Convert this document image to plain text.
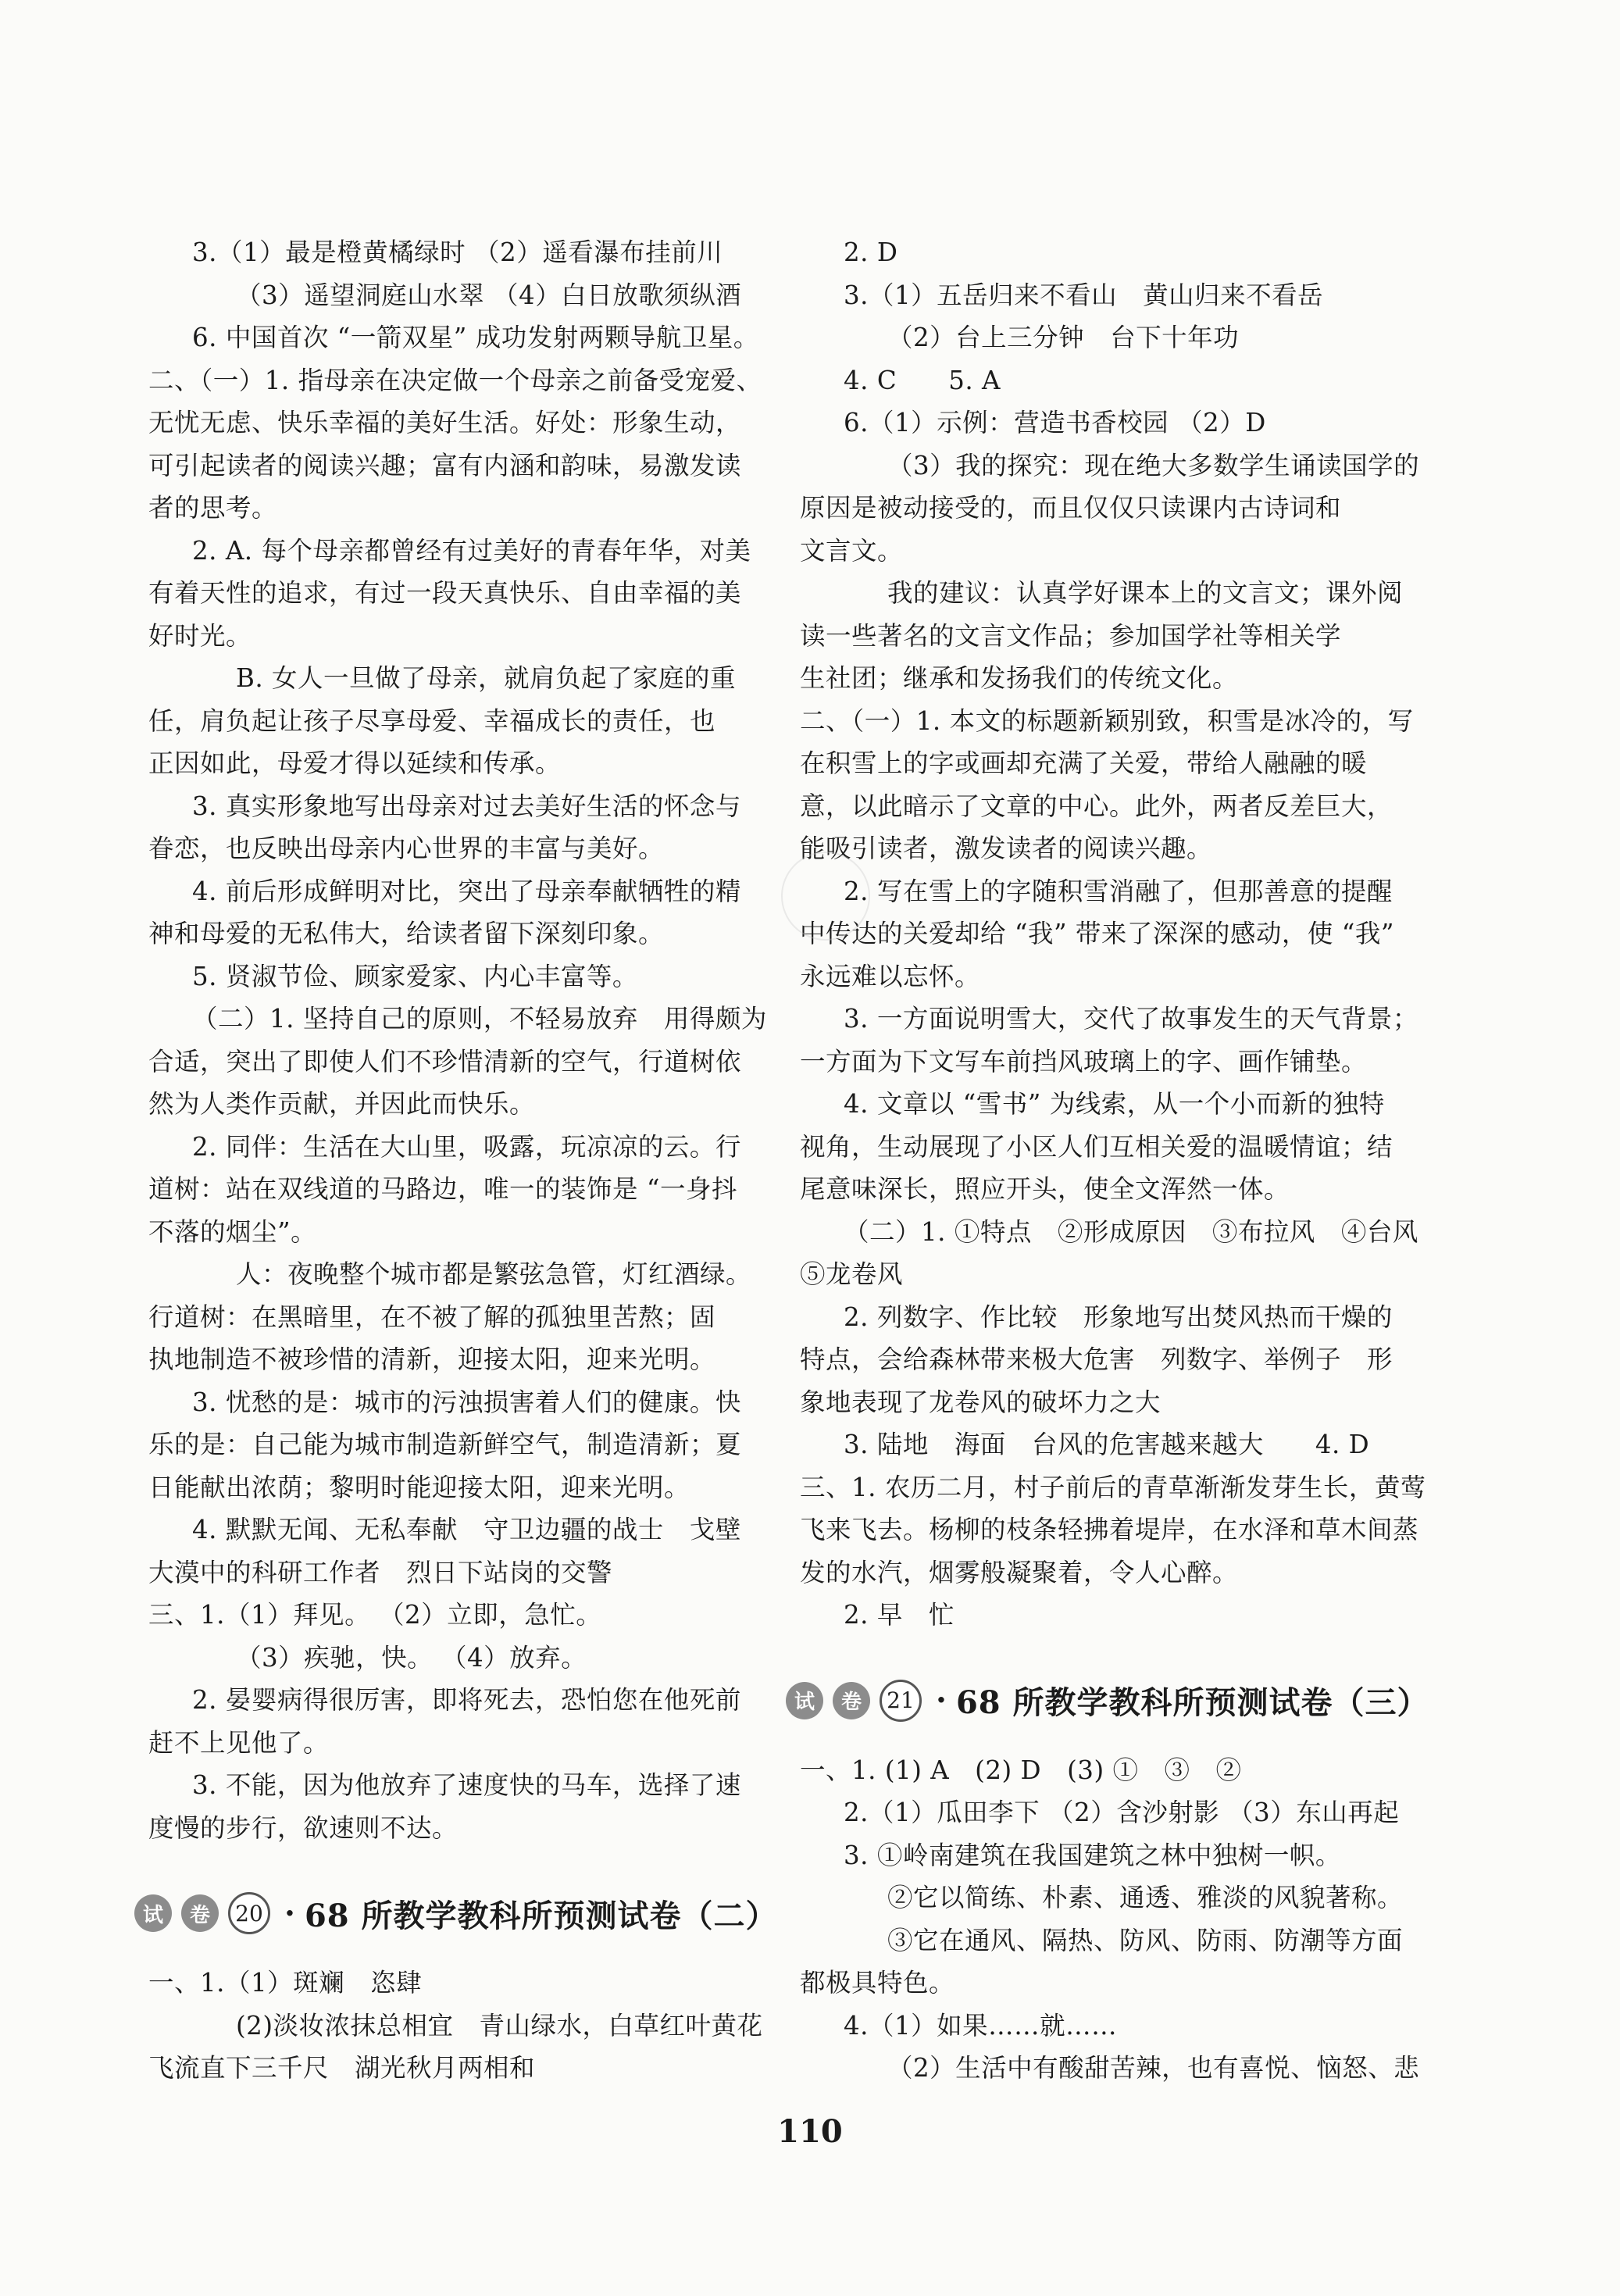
3.（1）最是橙黄橘绿时 （2）遥看瀑布挂前川
（3）遥望洞庭山水翠 （4）白日放歌须纵酒
6. 中国首次 “一箭双星” 成功发射两颗导航卫星。
二、（一）1. 指母亲在决定做一个母亲之前备受宠爱、
无忧无虑、快乐幸福的美好生活。好处：形象生动，
可引起读者的阅读兴趣；富有内涵和韵味，易激发读
者的思考。
2. A. 每个母亲都曾经有过美好的青春年华，对美
有着天性的追求，有过一段天真快乐、自由幸福的美
好时光。
B. 女人一旦做了母亲，就肩负起了家庭的重
任，肩负起让孩子尽享母爱、幸福成长的责任，也
正因如此，母爱才得以延续和传承。
3. 真实形象地写出母亲对过去美好生活的怀念与
眷恋，也反映出母亲内心世界的丰富与美好。
4. 前后形成鲜明对比，突出了母亲奉献牺牲的精
神和母爱的无私伟大，给读者留下深刻印象。
5. 贤淑节俭、顾家爱家、内心丰富等。
（二）1. 坚持自己的原则，不轻易放弃　用得颇为
合适，突出了即使人们不珍惜清新的空气，行道树依
然为人类作贡献，并因此而快乐。
2. 同伴：生活在大山里，吸露，玩凉凉的云。行
道树：站在双线道的马路边，唯一的装饰是 “一身抖
不落的烟尘”。
人：夜晚整个城市都是繁弦急管，灯红酒绿。
行道树：在黑暗里，在不被了解的孤独里苦熬；固
执地制造不被珍惜的清新，迎接太阳，迎来光明。
3. 忧愁的是：城市的污浊损害着人们的健康。快
乐的是：自己能为城市制造新鲜空气，制造清新；夏
日能献出浓荫；黎明时能迎接太阳，迎来光明。
4. 默默无闻、无私奉献　守卫边疆的战士　戈壁
大漠中的科研工作者　烈日下站岗的交警
三、1.（1）拜见。 （2）立即，急忙。
（3）疾驰，快。 （4）放弃。
2. 晏婴病得很厉害，即将死去，恐怕您在他死前
赶不上见他了。
3. 不能，因为他放弃了速度快的马车，选择了速
度慢的步行，欲速则不达。
试	卷	20 · 68 所教学教科所预测试卷（二）
一、1.（1）斑斓　恣肆
(2)淡妆浓抹总相宜　青山绿水，白草红叶黄花
飞流直下三千尺　湖光秋月两相和
2. D
3.（1）五岳归来不看山　黄山归来不看岳
（2）台上三分钟　台下十年功
4. C　　5. A
6.（1）示例：营造书香校园 （2）D
（3）我的探究：现在绝大多数学生诵读国学的
原因是被动接受的，而且仅仅只读课内古诗词和
文言文。
我的建议：认真学好课本上的文言文；课外阅
读一些著名的文言文作品；参加国学社等相关学
生社团；继承和发扬我们的传统文化。
二、（一）1. 本文的标题新颖别致，积雪是冰冷的，写
在积雪上的字或画却充满了关爱，带给人融融的暖
意，以此暗示了文章的中心。此外，两者反差巨大，
能吸引读者，激发读者的阅读兴趣。
2. 写在雪上的字随积雪消融了，但那善意的提醒
中传达的关爱却给 “我” 带来了深深的感动，使 “我”
永远难以忘怀。
3. 一方面说明雪大，交代了故事发生的天气背景；
一方面为下文写车前挡风玻璃上的字、画作铺垫。
4. 文章以 “雪书” 为线索，从一个小而新的独特
视角，生动展现了小区人们互相关爱的温暖情谊；结
尾意味深长，照应开头，使全文浑然一体。
（二）1. ①特点　②形成原因　③布拉风　④台风
⑤龙卷风
2. 列数字、作比较　形象地写出焚风热而干燥的
特点，会给森林带来极大危害　列数字、举例子　形
象地表现了龙卷风的破坏力之大
3. 陆地　海面　台风的危害越来越大　　4. D
三、1. 农历二月，村子前后的青草渐渐发芽生长，黄莺
飞来飞去。杨柳的枝条轻拂着堤岸，在水泽和草木间蒸
发的水汽，烟雾般凝聚着，令人心醉。
2. 早　忙
试	卷	21 · 68 所教学教科所预测试卷（三）
一、1. (1) A　(2) D　(3) ①　③　②
2.（1）瓜田李下 （2）含沙射影 （3）东山再起
3. ①岭南建筑在我国建筑之林中独树一帜。
②它以简练、朴素、通透、雅淡的风貌著称。
③它在通风、隔热、防风、防雨、防潮等方面
都极具特色。
4.（1）如果……就……
（2）生活中有酸甜苦辣，也有喜悦、恼怒、悲
110
